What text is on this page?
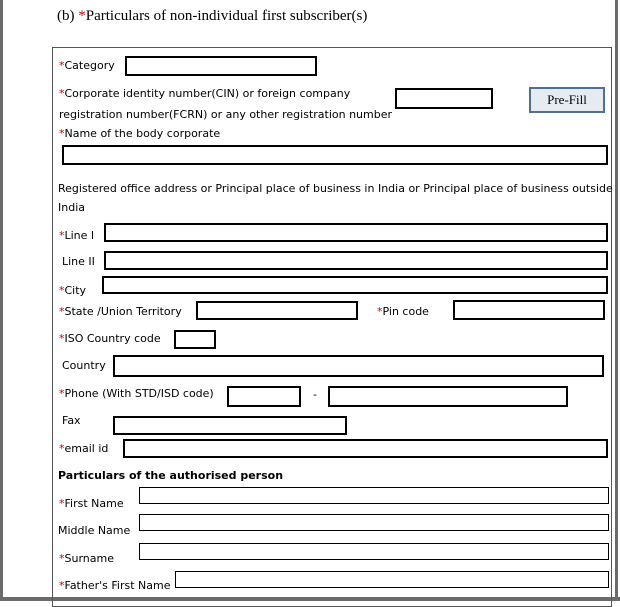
(b) *Particulars of non-individual first subscriber(s)
*Category
*Corporate identity number(CIN) or foreign company
registration number(FCRN) or any other registration number
Pre-Fill
*Name of the body corporate
Registered office address or Principal place of business in India or Principal place of business outside
India
*Line I
Line II
*City
*State /Union Territory	*Pin code
*ISO Country code
Country
*Phone (With STD/ISD code)	-
Fax
*email id
Particulars of the authorised person
*First Name
Middle Name
*Surname
*Father's First Name
